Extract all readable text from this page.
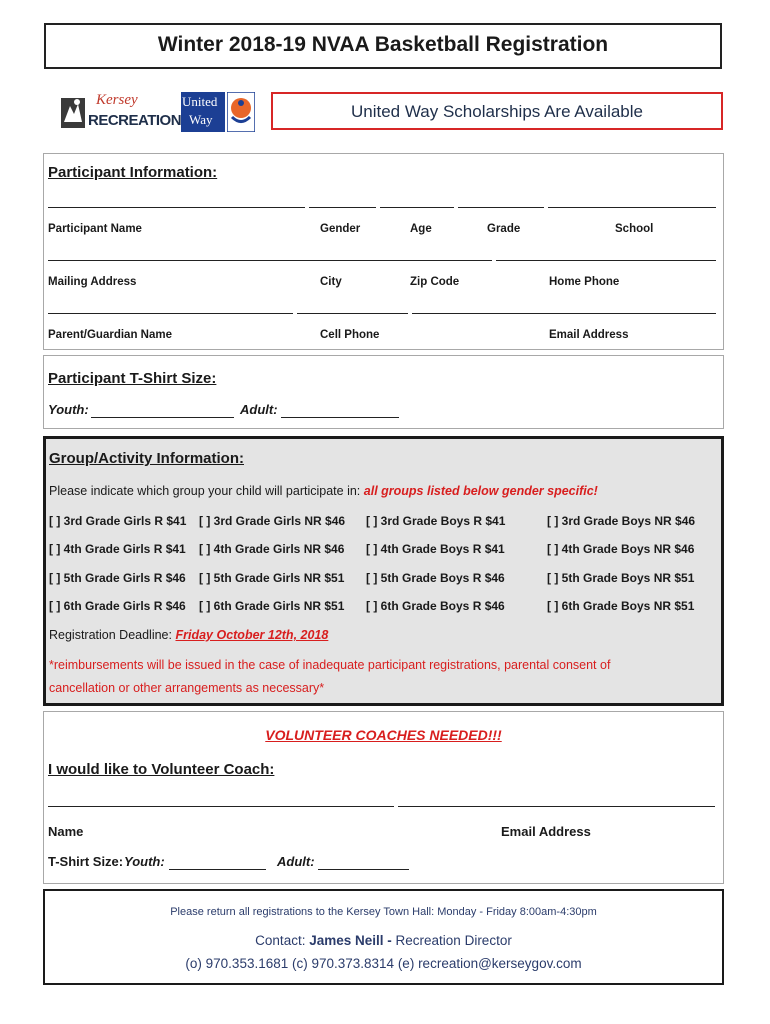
Winter 2018-19 NVAA Basketball Registration
Kersey
RECREATION
United
Way	United Way Scholarships Are Available
Participant Information:
Participant Name	Gender	Age	Grade	School
Mailing Address	City	Zip Code	Home Phone
Parent/Guardian Name	Cell Phone	Email Address
Participant T-Shirt Size:
Youth:	Adult:
Group/Activity Information:
Please indicate which group your child will participate in: all groups listed below gender specific!
[ ] 3rd Grade Girls R $41 [ ] 3rd Grade Girls NR $46 [ ] 3rd Grade Boys R $41	[ ] 3rd Grade Boys NR $46
[ ] 4th Grade Girls R $41 [ ] 4th Grade Girls NR $46 [ ] 4th Grade Boys R $41	[ ] 4th Grade Boys NR $46
[ ] 5th Grade Girls R $46 [ ] 5th Grade Girls NR $51 [ ] 5th Grade Boys R $46	[ ] 5th Grade Boys NR $51
[ ] 6th Grade Girls R $46 [ ] 6th Grade Girls NR $51 [ ] 6th Grade Boys R $46	[ ] 6th Grade Boys NR $51
Registration Deadline: Friday October 12th, 2018
*reimbursements will be issued in the case of inadequate participant registrations, parental consent of
cancellation or other arrangements as necessary*
VOLUNTEER COACHES NEEDED!!!
I would like to Volunteer Coach:
Name	Email Address
T-Shirt Size: Youth:	Adult:
Please return all registrations to the Kersey Town Hall: Monday - Friday 8:00am-4:30pm
Contact: James Neill - Recreation Director
(o) 970.353.1681 (c) 970.373.8314 (e) recreation@kerseygov.com
